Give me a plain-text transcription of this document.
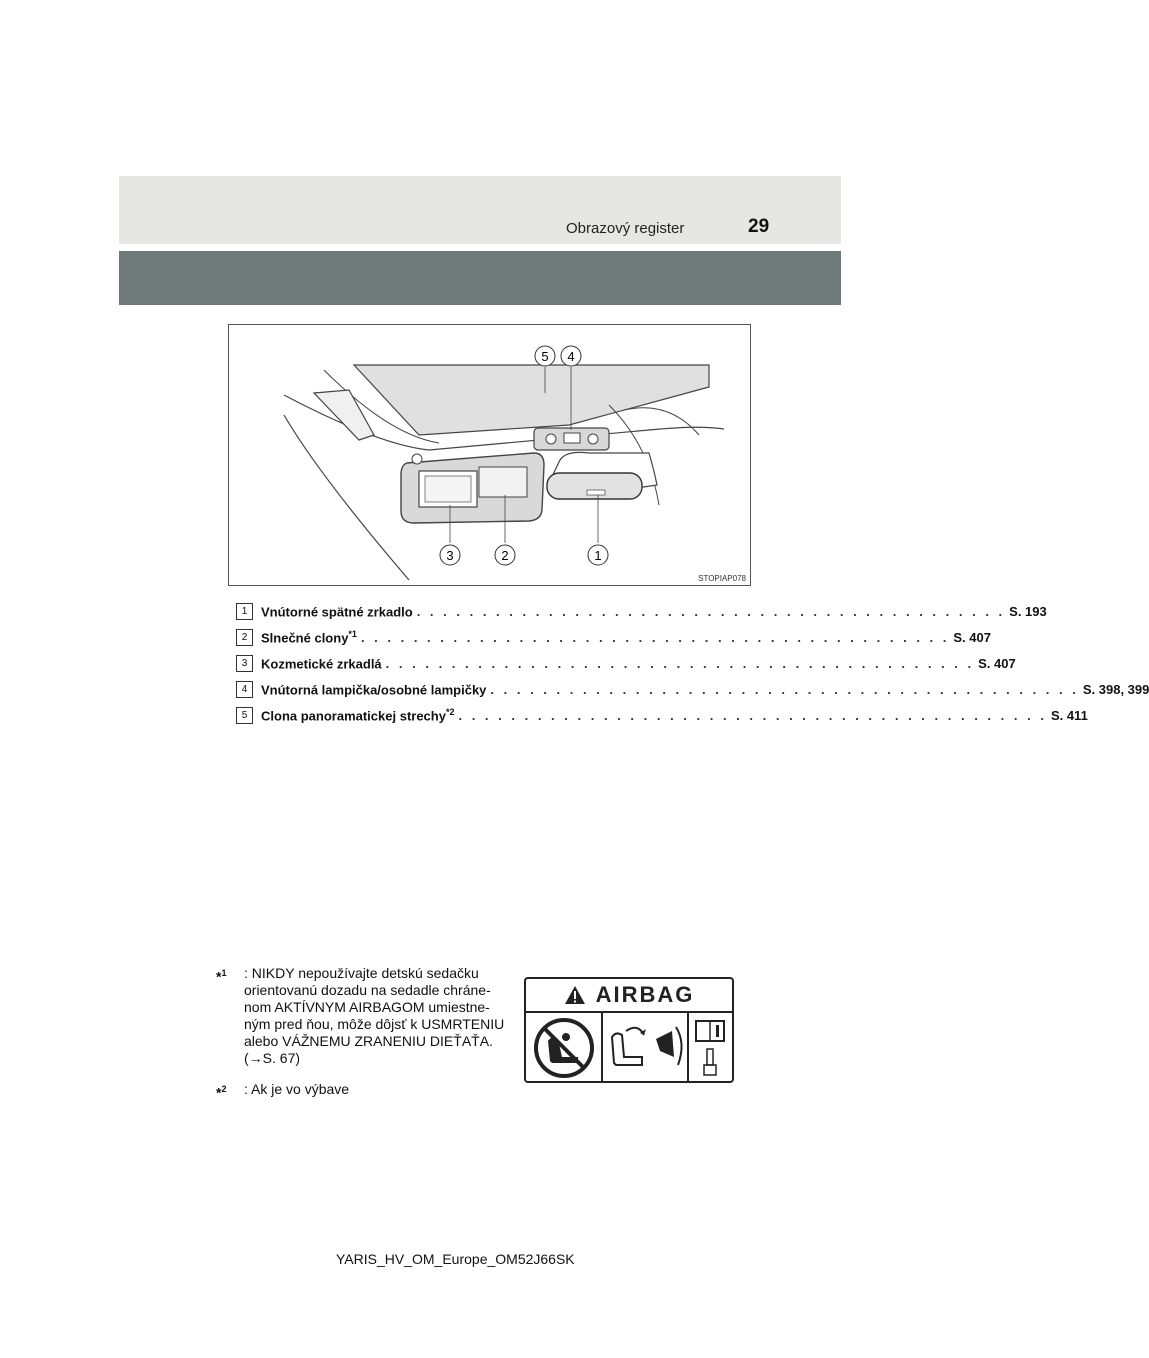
Obrazový register	29
5 4
3	2	1
STOPIAP078
1	Vnútorné spätné zrkadlo . . . . . . . . . . . . . . . . . . . . . . . . . . . . . . . . . . . . . . . . . . . . . S. 193
2	Slnečné clony$^{*1}$ . . . . . . . . . . . . . . . . . . . . . . . . . . . . . . . . . . . . . . . . . . . . . S. 407
3	Kozmetické zrkadlá . . . . . . . . . . . . . . . . . . . . . . . . . . . . . . . . . . . . . . . . . . . . . S. 407
4	Vnútorná lampička/osobné lampičky . . . . . . . . . . . . . . . . . . . . . . . . . . . . . . . . . . . . . . . . . . . . . S. 398, 399
5	Clona panoramatickej strechy$^{*2}$ . . . . . . . . . . . . . . . . . . . . . . . . . . . . . . . . . . . . . . . . . . . . . S. 411
*$^1$ : NIKDY nepoužívajte detskú sedačku orientovanú dozadu na sedadle chráne-nom AKTÍVNYM AIRBAGOM umiestne-ným pred ňou, môže dôjsť k USMRTENIU alebo VÁŽNEMU ZRANENIU DIEŤAŤA. (→S. 67)
*$^2$ : Ak je vo výbave
AIRBAG
YARIS_HV_OM_Europe_OM52J66SK
